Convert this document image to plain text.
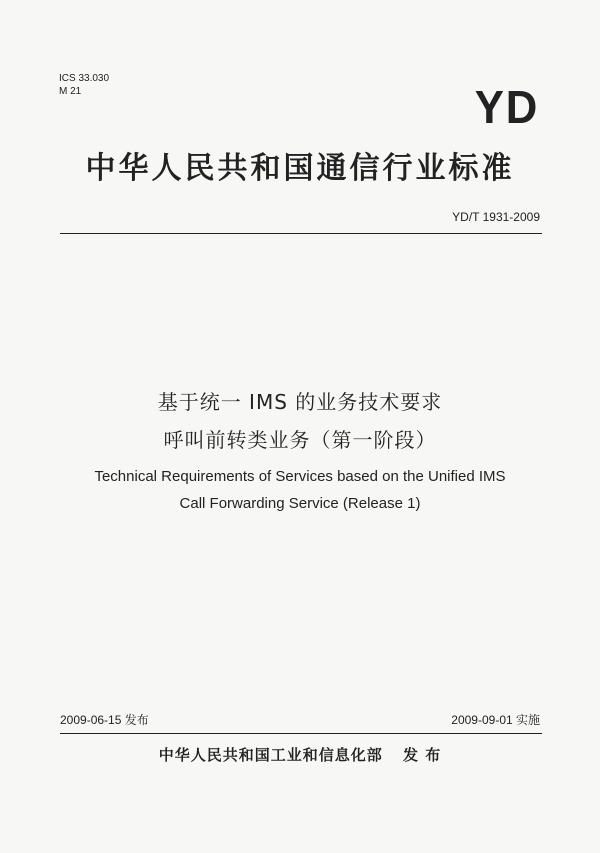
ICS 33.030
M 21	YD
中华人民共和国通信行业标准
YD/T 1931-2009
基于统一 IMS 的业务技术要求
呼叫前转类业务（第一阶段）
Technical Requirements of Services based on the Unified IMS
Call Forwarding Service (Release 1)
2009-06-15 发布	2009-09-01 实施
中华人民共和国工业和信息化部 发 布
